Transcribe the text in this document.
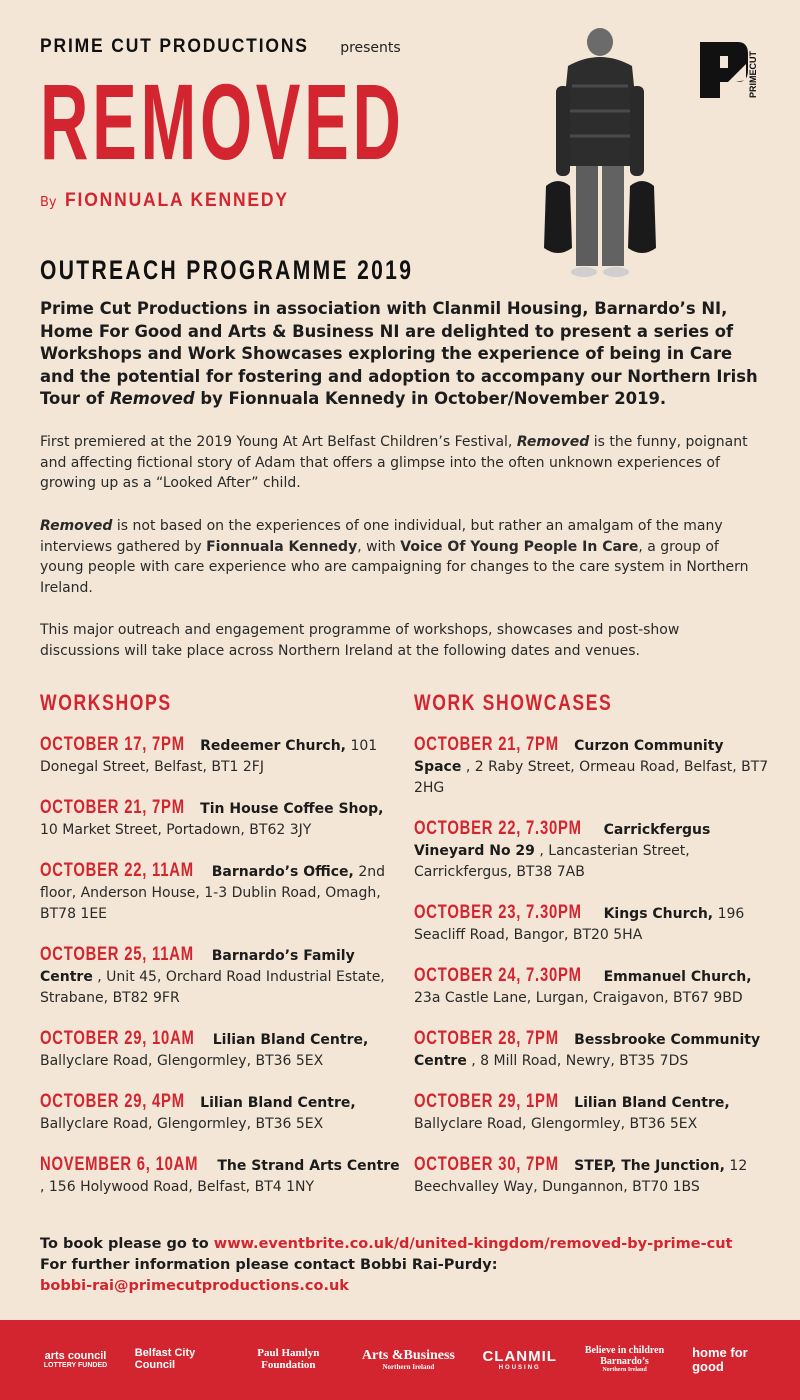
PRIME CUT PRODUCTIONS presents
REMOVED
By FIONNUALA KENNEDY
OUTREACH PROGRAMME 2019
PRIMECUT
Prime Cut Productions in association with Clanmil Housing, Barnardo’s NI, Home For Good and Arts & Business NI are delighted to present a series of Workshops and Work Showcases exploring the experience of being in Care and the potential for fostering and adoption to accompany our Northern Irish Tour of Removed by Fionnuala Kennedy in October/November 2019.
First premiered at the 2019 Young At Art Belfast Children’s Festival, Removed is the funny, poignant and affecting fictional story of Adam that offers a glimpse into the often unknown experiences of growing up as a “Looked After” child.
Removed is not based on the experiences of one individual, but rather an amalgam of the many interviews gathered by Fionnuala Kennedy, with Voice Of Young People In Care, a group of young people with care experience who are campaigning for changes to the care system in Northern Ireland.
This major outreach and engagement programme of workshops, showcases and post-show discussions will take place across Northern Ireland at the following dates and venues.
WORKSHOPS
OCTOBER 17, 7PM Redeemer Church, 101 Donegal Street, Belfast, BT1 2FJ
OCTOBER 21, 7PM Tin House Coffee Shop, 10 Market Street, Portadown, BT62 3JY
OCTOBER 22, 11AM Barnardo’s Office, 2nd floor, Anderson House, 1-3 Dublin Road, Omagh, BT78 1EE
OCTOBER 25, 11AM Barnardo’s Family Centre , Unit 45, Orchard Road Industrial Estate, Strabane, BT82 9FR
OCTOBER 29, 10AM Lilian Bland Centre, Ballyclare Road, Glengormley, BT36 5EX
OCTOBER 29, 4PM Lilian Bland Centre, Ballyclare Road, Glengormley, BT36 5EX
NOVEMBER 6, 10AM The Strand Arts Centre , 156 Holywood Road, Belfast, BT4 1NY
WORK SHOWCASES
OCTOBER 21, 7PM Curzon Community Space , 2 Raby Street, Ormeau Road, Belfast, BT7 2HG
OCTOBER 22, 7.30PM Carrickfergus Vineyard No 29 , Lancasterian Street, Carrickfergus, BT38 7AB
OCTOBER 23, 7.30PM Kings Church, 196 Seacliff Road, Bangor, BT20 5HA
OCTOBER 24, 7.30PM Emmanuel Church, 23a Castle Lane, Lurgan, Craigavon, BT67 9BD
OCTOBER 28, 7PM Bessbrooke Community Centre , 8 Mill Road, Newry, BT35 7DS
OCTOBER 29, 1PM Lilian Bland Centre, Ballyclare Road, Glengormley, BT36 5EX
OCTOBER 30, 7PM STEP, The Junction, 12 Beechvalley Way, Dungannon, BT70 1BS
To book please go to www.eventbrite.co.uk/d/united-kingdom/removed-by-prime-cut
For further information please contact Bobbi Rai-Purdy:
bobbi-rai@primecutproductions.co.uk
arts council
LOTTERY FUNDED
Belfast City Council
Paul Hamlyn Foundation
Arts &Business
Northern Ireland
CLANMIL
HOUSING
Believe in children Barnardo’s
Northern Ireland
home for good
